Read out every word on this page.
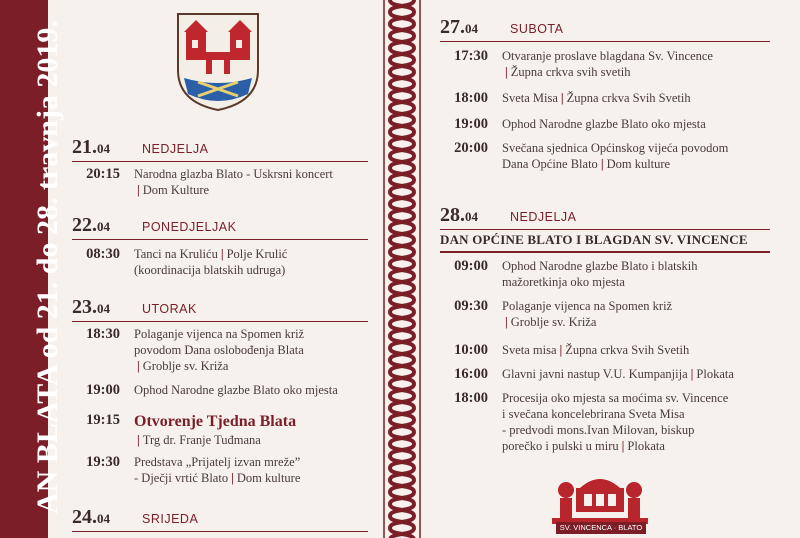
AN BLATA od 21. do 28. travnja 2019. 21.04	NEDJELJA
20:15	Narodna glazba Blato - Uskrsni koncert
| Dom Kulture
22.04	PONEDJELJAK
08:30	Tanci na Kruliću | Polje Krulić
(koordinacija blatskih udruga)
23.04	UTORAK
18:30	Polaganje vijenca na Spomen križ
povodom Dana oslobođenja Blata
| Groblje sv. Križa
19:00	Ophod Narodne glazbe Blato oko mjesta
19:15 Otvorenje Tjedna Blata
| Trg dr. Franje Tuđmana
19:30	Predstava „Prijatelj izvan mreže”
- Dječji vrtić Blato | Dom kulture
24.04	SRIJEDA
27.04	SUBOTA
17:30	Otvaranje proslave blagdana Sv. Vincence
| Župna crkva svih svetih
18:00	Sveta Misa | Župna crkva Svih Svetih
19:00	Ophod Narodne glazbe Blato oko mjesta
20:00	Svečana sjednica Općinskog vijeća povodom
Dana Općine Blato | Dom kulture
28.04	NEDJELJA
DAN OPĆINE BLATO I BLAGDAN SV. VINCENCE
09:00	Ophod Narodne glazbe Blato i blatskih
mažoretkinja oko mjesta
09:30	Polaganje vijenca na Spomen križ
| Groblje sv. Križa
10:00	Sveta misa | Župna crkva Svih Svetih
16:00	Glavni javni nastup V.U. Kumpanjija | Plokata
18:00	Procesija oko mjesta sa moćima sv. Vincence
i svečana koncelebrirana Sveta Misa
- predvodi mons.Ivan Milovan, biskup
porečko i pulski u miru | Plokata
SV. VINCENCA · BLATO
